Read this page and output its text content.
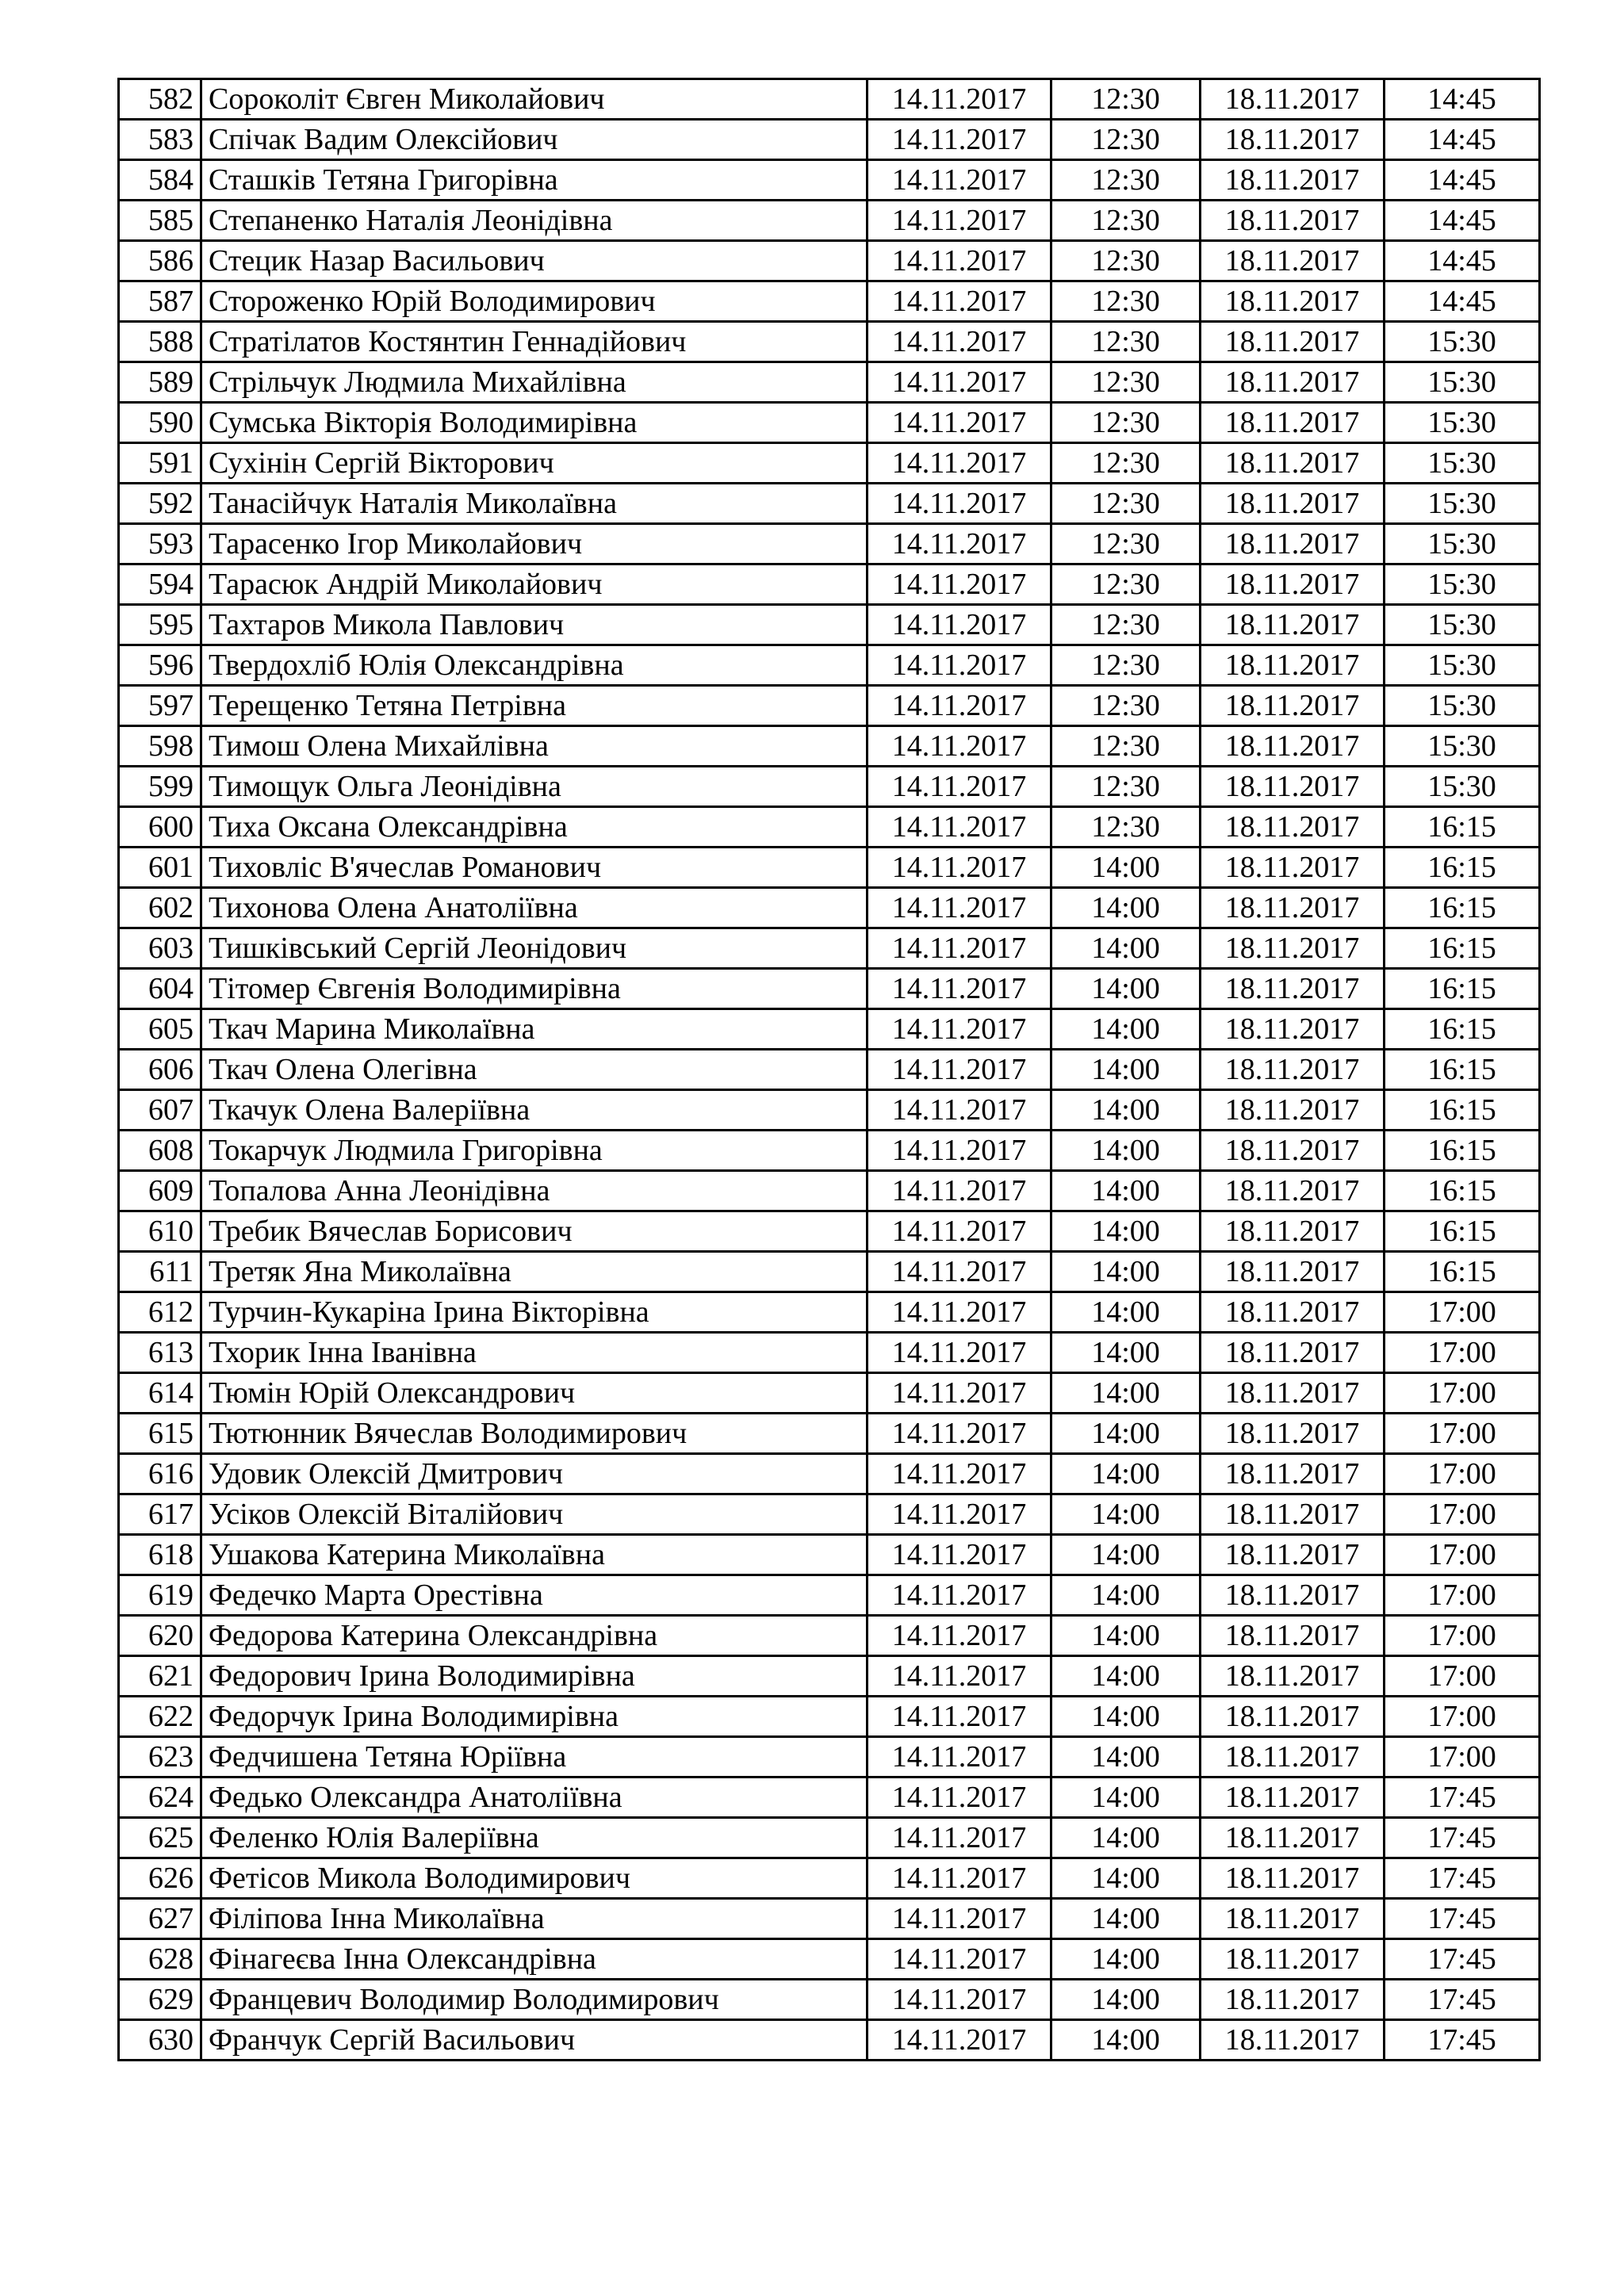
582	Сороколіт Євген Миколайович	14.11.2017	12:30	18.11.2017	14:45
583	Спічак Вадим Олексійович	14.11.2017	12:30	18.11.2017	14:45
584	Сташків Тетяна Григорівна	14.11.2017	12:30	18.11.2017	14:45
585	Степаненко Наталія Леонідівна	14.11.2017	12:30	18.11.2017	14:45
586	Стецик Назар Васильович	14.11.2017	12:30	18.11.2017	14:45
587	Стороженко Юрій Володимирович	14.11.2017	12:30	18.11.2017	14:45
588	Стратілатов Костянтин Геннадійович	14.11.2017	12:30	18.11.2017	15:30
589	Стрільчук Людмила Михайлівна	14.11.2017	12:30	18.11.2017	15:30
590	Сумська Вікторія Володимирівна	14.11.2017	12:30	18.11.2017	15:30
591	Сухінін Сергій Вікторович	14.11.2017	12:30	18.11.2017	15:30
592	Танасійчук Наталія Миколаївна	14.11.2017	12:30	18.11.2017	15:30
593	Тарасенко Ігор Миколайович	14.11.2017	12:30	18.11.2017	15:30
594	Тарасюк Андрій Миколайович	14.11.2017	12:30	18.11.2017	15:30
595	Тахтаров Микола Павлович	14.11.2017	12:30	18.11.2017	15:30
596	Твердохліб Юлія Олександрівна	14.11.2017	12:30	18.11.2017	15:30
597	Терещенко Тетяна Петрівна	14.11.2017	12:30	18.11.2017	15:30
598	Тимош Олена Михайлівна	14.11.2017	12:30	18.11.2017	15:30
599	Тимощук Ольга Леонідівна	14.11.2017	12:30	18.11.2017	15:30
600	Тиха Оксана Олександрівна	14.11.2017	12:30	18.11.2017	16:15
601	Тиховліс В'ячеслав Романович	14.11.2017	14:00	18.11.2017	16:15
602	Тихонова Олена Анатоліївна	14.11.2017	14:00	18.11.2017	16:15
603	Тишківський Сергій Леонідович	14.11.2017	14:00	18.11.2017	16:15
604	Тітомер Євгенія Володимирівна	14.11.2017	14:00	18.11.2017	16:15
605	Ткач Марина Миколаївна	14.11.2017	14:00	18.11.2017	16:15
606	Ткач Олена Олегівна	14.11.2017	14:00	18.11.2017	16:15
607	Ткачук Олена Валеріївна	14.11.2017	14:00	18.11.2017	16:15
608	Токарчук Людмила Григорівна	14.11.2017	14:00	18.11.2017	16:15
609	Топалова Анна Леонідівна	14.11.2017	14:00	18.11.2017	16:15
610	Требик Вячеслав Борисович	14.11.2017	14:00	18.11.2017	16:15
611	Третяк Яна Миколаївна	14.11.2017	14:00	18.11.2017	16:15
612	Турчин-Кукаріна Ірина Вікторівна	14.11.2017	14:00	18.11.2017	17:00
613	Тхорик Інна Іванівна	14.11.2017	14:00	18.11.2017	17:00
614	Тюмін Юрій Олександрович	14.11.2017	14:00	18.11.2017	17:00
615	Тютюнник Вячеслав Володимирович	14.11.2017	14:00	18.11.2017	17:00
616	Удовик Олексій Дмитрович	14.11.2017	14:00	18.11.2017	17:00
617	Усіков Олексій Віталійович	14.11.2017	14:00	18.11.2017	17:00
618	Ушакова Катерина Миколаївна	14.11.2017	14:00	18.11.2017	17:00
619	Федечко Марта Орестівна	14.11.2017	14:00	18.11.2017	17:00
620	Федорова Катерина Олександрівна	14.11.2017	14:00	18.11.2017	17:00
621	Федорович Ірина Володимирівна	14.11.2017	14:00	18.11.2017	17:00
622	Федорчук Ірина Володимирівна	14.11.2017	14:00	18.11.2017	17:00
623	Федчишена Тетяна Юріївна	14.11.2017	14:00	18.11.2017	17:00
624	Федько Олександра Анатоліївна	14.11.2017	14:00	18.11.2017	17:45
625	Феленко Юлія Валеріївна	14.11.2017	14:00	18.11.2017	17:45
626	Фетісов Микола Володимирович	14.11.2017	14:00	18.11.2017	17:45
627	Філіпова Інна Миколаївна	14.11.2017	14:00	18.11.2017	17:45
628	Фінагеєва Інна Олександрівна	14.11.2017	14:00	18.11.2017	17:45
629	Францевич Володимир Володимирович	14.11.2017	14:00	18.11.2017	17:45
630	Франчук Сергій Васильович	14.11.2017	14:00	18.11.2017	17:45
